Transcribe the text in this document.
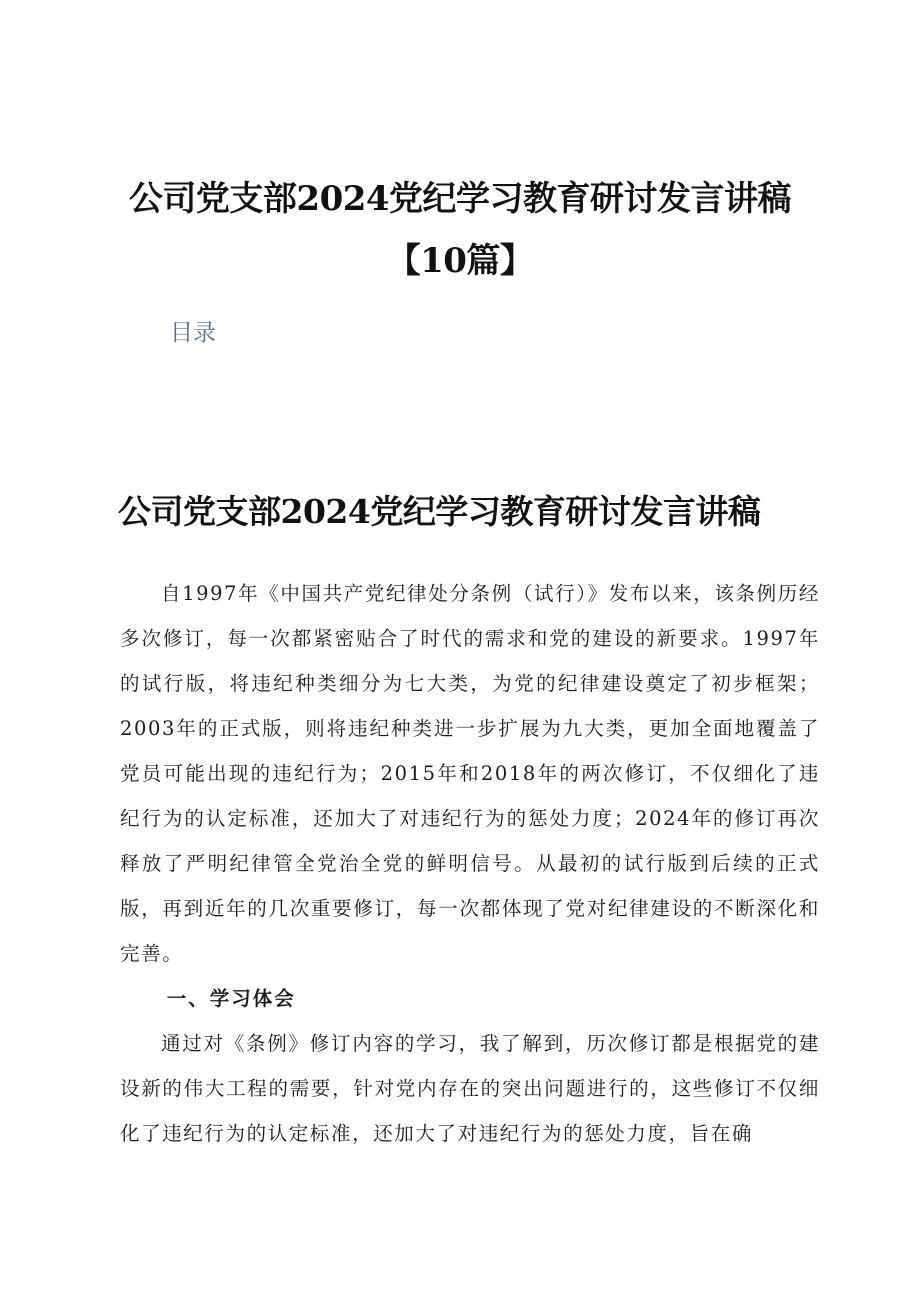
公司党支部2024党纪学习教育研讨发言讲稿
【10篇】
目录
公司党支部2024党纪学习教育研讨发言讲稿

自1997年《中国共产党纪律处分条例（试行）》发布以来，该条例历经多次修订，每一次都紧密贴合了时代的需求和党的建设的新要求。1997年的试行版，将违纪种类细分为七大类，为党的纪律建设奠定了初步框架；2003年的正式版，则将违纪种类进一步扩展为九大类，更加全面地覆盖了党员可能出现的违纪行为；2015年和2018年的两次修订，不仅细化了违纪行为的认定标准，还加大了对违纪行为的惩处力度；2024年的修订再次释放了严明纪律管全党治全党的鲜明信号。从最初的试行版到后续的正式版，再到近年的几次重要修订，每一次都体现了党对纪律建设的不断深化和完善。

一、学习体会

通过对《条例》修订内容的学习，我了解到，历次修订都是根据党的建设新的伟大工程的需要，针对党内存在的突出问题进行的，这些修订不仅细化了违纪行为的认定标准，还加大了对违纪行为的惩处力度，旨在确
